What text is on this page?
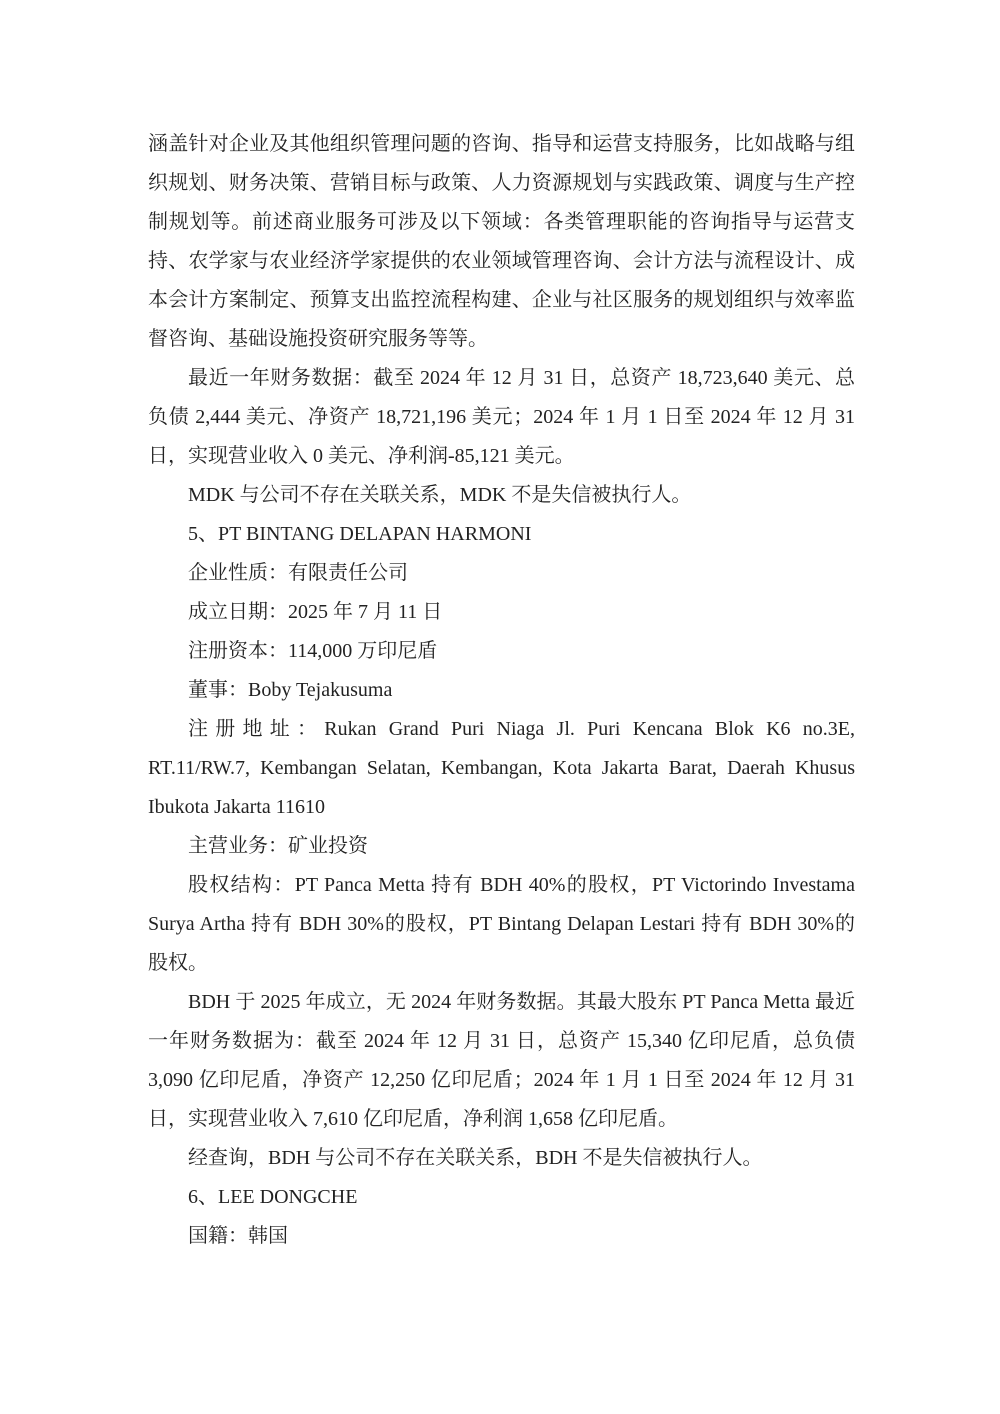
涵盖针对企业及其他组织管理问题的咨询、指导和运营支持服务，比如战略与组织规划、财务决策、营销目标与政策、人力资源规划与实践政策、调度与生产控制规划等。前述商业服务可涉及以下领域：各类管理职能的咨询指导与运营支持、农学家与农业经济学家提供的农业领域管理咨询、会计方法与流程设计、成本会计方案制定、预算支出监控流程构建、企业与社区服务的规划组织与效率监督咨询、基础设施投资研究服务等等。

最近一年财务数据：截至 2024 年 12 月 31 日，总资产 18,723,640 美元、总负债 2,444 美元、净资产 18,721,196 美元；2024 年 1 月 1 日至 2024 年 12 月 31 日，实现营业收入 0 美元、净利润-85,121 美元。

MDK 与公司不存在关联关系，MDK 不是失信被执行人。

5、PT BINTANG DELAPAN HARMONI

企业性质：有限责任公司

成立日期：2025 年 7 月 11 日

注册资本：114,000 万印尼盾

董事：Boby Tejakusuma

注册地址：Rukan Grand Puri Niaga Jl. Puri Kencana Blok K6 no.3E, RT.11/RW.7, Kembangan Selatan, Kembangan, Kota Jakarta Barat, Daerah Khusus Ibukota Jakarta 11610

主营业务：矿业投资

股权结构：PT Panca Metta 持有 BDH 40%的股权，PT Victorindo Investama Surya Artha 持有 BDH 30%的股权，PT Bintang Delapan Lestari 持有 BDH 30%的股权。

BDH 于 2025 年成立，无 2024 年财务数据。其最大股东 PT Panca Metta 最近一年财务数据为：截至 2024 年 12 月 31 日，总资产 15,340 亿印尼盾，总负债 3,090 亿印尼盾，净资产 12,250 亿印尼盾；2024 年 1 月 1 日至 2024 年 12 月 31 日，实现营业收入 7,610 亿印尼盾，净利润 1,658 亿印尼盾。

经查询，BDH 与公司不存在关联关系，BDH 不是失信被执行人。

6、LEE DONGCHE

国籍：韩国
